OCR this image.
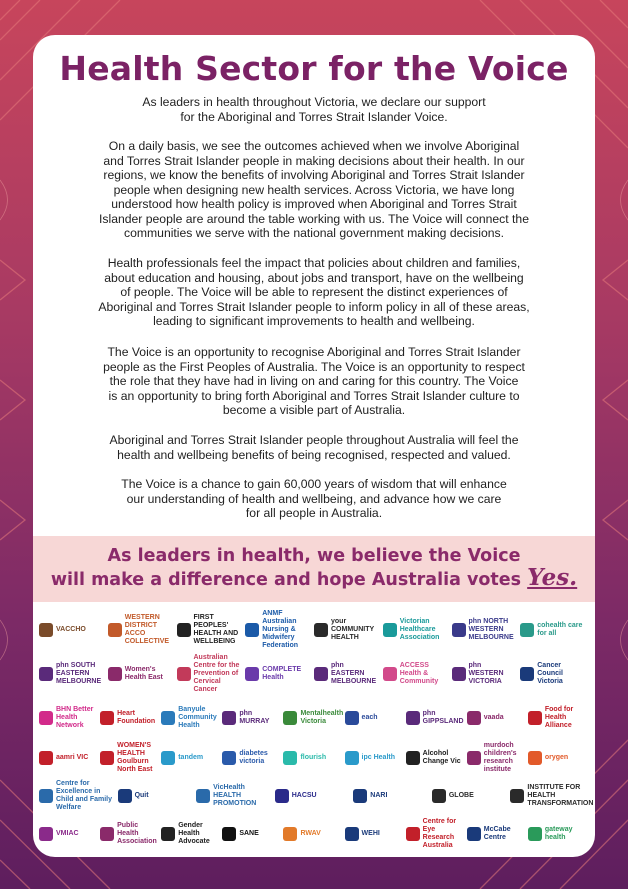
Health Sector for the Voice
As leaders in health throughout Victoria, we declare our support
for the Aboriginal and Torres Strait Islander Voice.
On a daily basis, we see the outcomes achieved when we involve Aboriginal
and Torres Strait Islander people in making decisions about their health. In our
regions, we know the benefits of involving Aboriginal and Torres Strait Islander
people when designing new health services. Across Victoria, we have long
understood how health policy is improved when Aboriginal and Torres Strait
Islander people are around the table working with us. The Voice will connect the
communities we serve with the national government making decisions.
Health professionals feel the impact that policies about children and families,
about education and housing, about jobs and transport, have on the wellbeing
of people. The Voice will be able to represent the distinct experiences of
Aboriginal and Torres Strait Islander people to inform policy in all of these areas,
leading to significant improvements to health and wellbeing.
The Voice is an opportunity to recognise Aboriginal and Torres Strait Islander
people as the First Peoples of Australia. The Voice is an opportunity to respect
the role that they have had in living on and caring for this country. The Voice
is an opportunity to bring forth Aboriginal and Torres Strait Islander culture to
become a visible part of Australia.
Aboriginal and Torres Strait Islander people throughout Australia will feel the
health and wellbeing benefits of being recognised, respected and valued.
The Voice is a chance to gain 60,000 years of wisdom that will enhance
our understanding of health and wellbeing, and advance how we care
for all people in Australia.
As leaders in health, we believe the Voice
will make a difference and hope Australia votes Yes.
VACCHO
WESTERN DISTRICT ACCO COLLECTIVE
FIRST PEOPLES' HEALTH AND WELLBEING
ANMF Australian Nursing & Midwifery Federation
your COMMUNITY HEALTH
Victorian Healthcare Association
phn NORTH WESTERN MELBOURNE
cohealth care for all
phn SOUTH EASTERN MELBOURNE
Women's Health East
Australian Centre for the Prevention of Cervical Cancer
COMPLETE Health
phn EASTERN MELBOURNE
ACCESS Health & Community
phn WESTERN VICTORIA
Cancer Council Victoria
BHN Better Health Network
Heart Foundation
Banyule Community Health
phn MURRAY
Mentalhealth Victoria
each
phn GIPPSLAND
vaada
Food for Health Alliance
aamri VIC
WOMEN'S HEALTH Goulburn North East
tandem
diabetes victoria
flourish	ipc Health
Alcohol Change Vic
murdoch children's research institute
orygen
Centre for Excellence in Child and Family Welfare
Quit
VicHealth HEALTH PROMOTION
HACSU	NARI	GLOBE
INSTITUTE FOR HEALTH TRANSFORMATION
VMIAC
Public Health Association
Gender Health Advocate
SANE	RWAV	WEHI
Centre for Eye Research Australia
McCabe Centre
gateway health
